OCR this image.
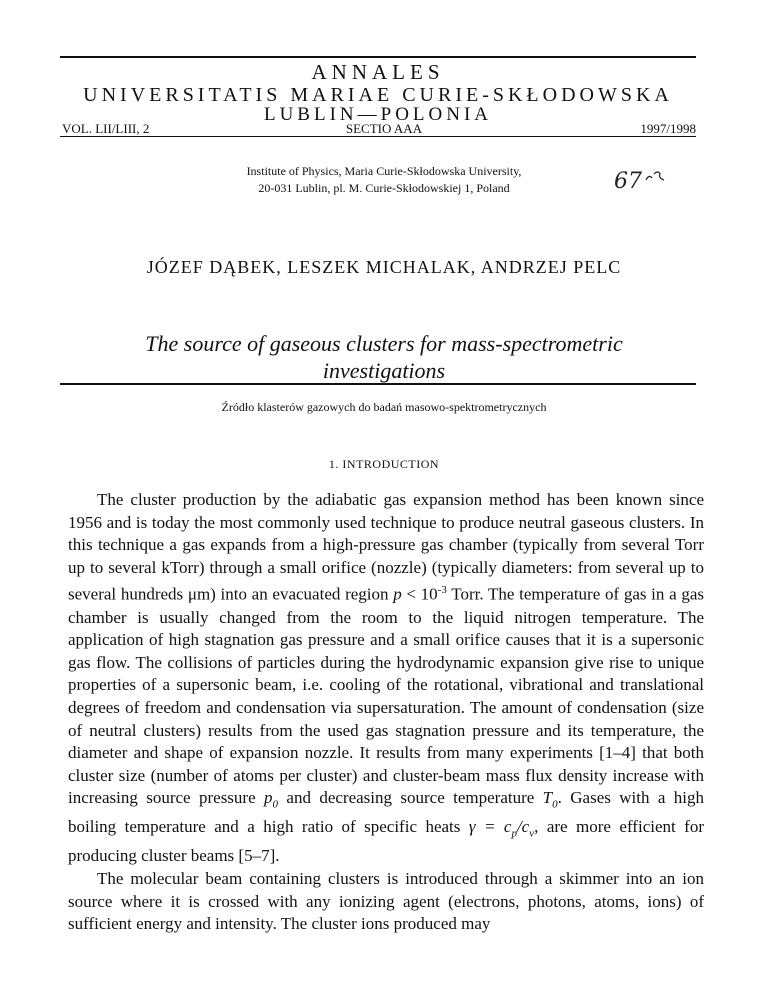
ANNALES
UNIVERSITATIS MARIAE CURIE-SKŁODOWSKA
LUBLIN—POLONIA
VOL. LII/LIII, 2	SECTIO AAA	1997/1998
Institute of Physics, Maria Curie-Skłodowska University,
20-031 Lublin, pl. M. Curie-Skłodowskiej 1, Poland	67
JÓZEF DĄBEK, LESZEK MICHALAK, ANDRZEJ PELC
The source of gaseous clusters for mass-spectrometric
investigations
Źródło klasterów gazowych do badań masowo-spektrometrycznych
1. INTRODUCTION

The cluster production by the adiabatic gas expansion method has been known since 1956 and is today the most commonly used technique to produce neutral gaseous clusters. In this technique a gas expands from a high-pressure gas chamber (typically from several Torr up to several kTorr) through a small orifice (nozzle) (typically diameters: from several up to several hundreds μm) into an evacuated region $p < 10^{-3}$ Torr. The temperature of gas in a gas chamber is usually changed from the room to the liquid nitrogen temperature. The application of high stagnation gas pressure and a small orifice causes that it is a supersonic gas flow. The collisions of particles during the hydrodynamic expansion give rise to unique properties of a supersonic beam, i.e. cooling of the rotational, vibrational and translational degrees of freedom and condensation via supersaturation. The amount of condensation (size of neutral clusters) results from the used gas stagnation pressure and its temperature, the diameter and shape of expansion nozzle. It results from many experiments [1–4] that both cluster size (number of atoms per cluster) and cluster-beam mass flux density increase with increasing source pressure $p_0$ and decreasing source temperature $T_0$. Gases with a high boiling temperature and a high ratio of specific heats $\gamma = c_p/c_v$, are more efficient for producing cluster beams [5–7].

The molecular beam containing clusters is introduced through a skimmer into an ion source where it is crossed with any ionizing agent (electrons, photons, atoms, ions) of sufficient energy and intensity. The cluster ions produced may
